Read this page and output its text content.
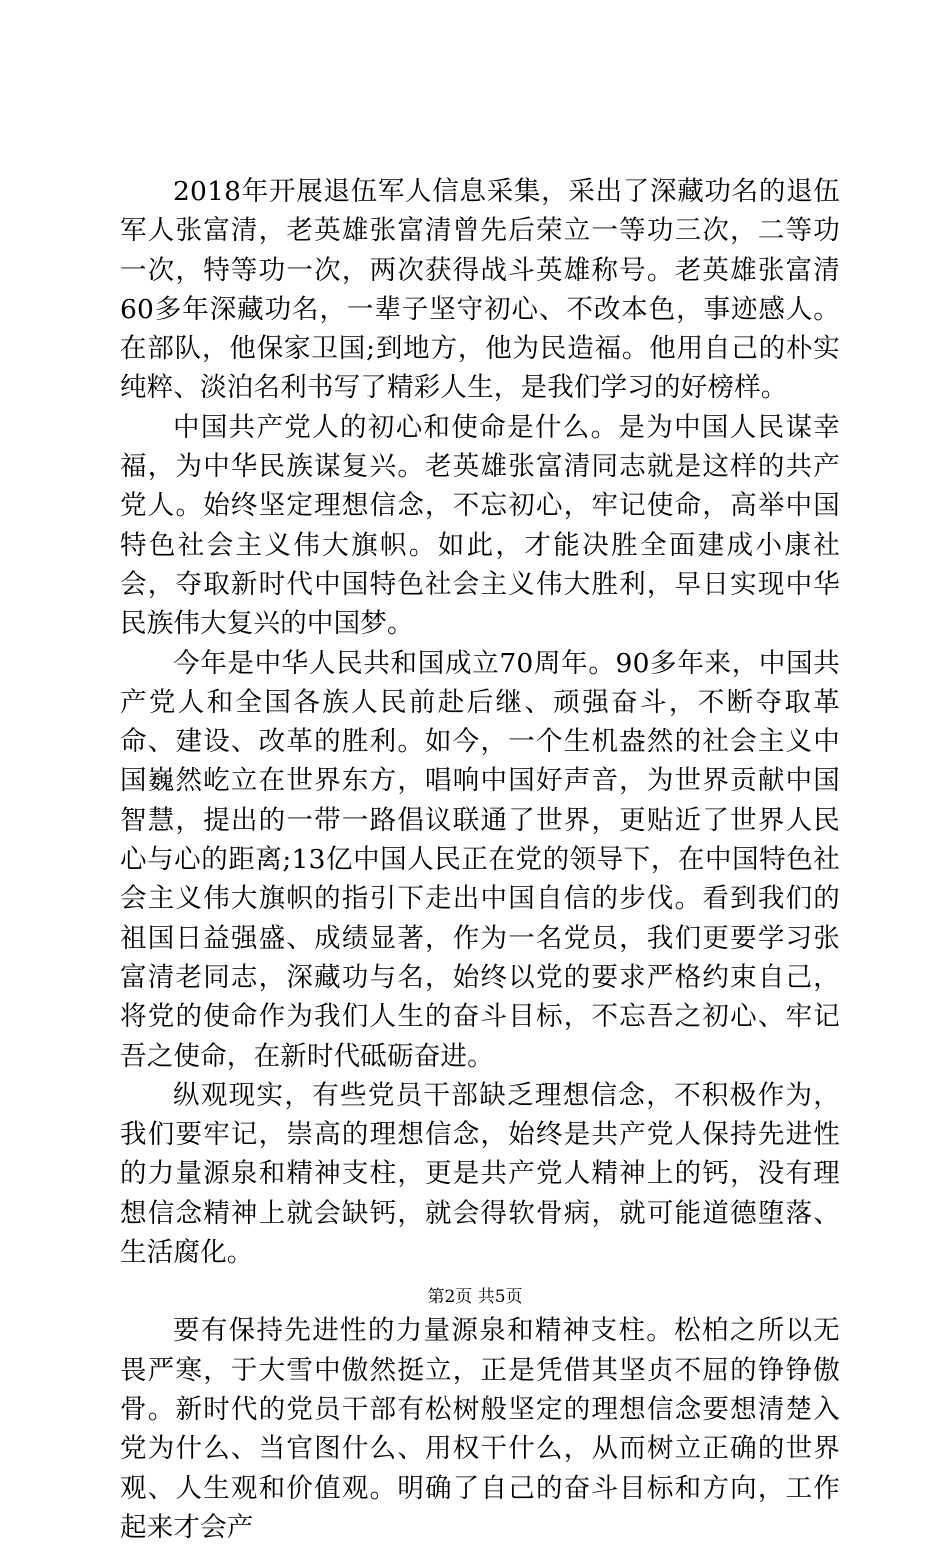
2018年开展退伍军人信息采集，采出了深藏功名的退伍军人张富清，老英雄张富清曾先后荣立一等功三次，二等功一次，特等功一次，两次获得战斗英雄称号。老英雄张富清60多年深藏功名，一辈子坚守初心、不改本色，事迹感人。在部队，他保家卫国;到地方，他为民造福。他用自己的朴实纯粹、淡泊名利书写了精彩人生，是我们学习的好榜样。

中国共产党人的初心和使命是什么。是为中国人民谋幸福，为中华民族谋复兴。老英雄张富清同志就是这样的共产党人。始终坚定理想信念，不忘初心，牢记使命，高举中国特色社会主义伟大旗帜。如此，才能决胜全面建成小康社会，夺取新时代中国特色社会主义伟大胜利，早日实现中华民族伟大复兴的中国梦。

今年是中华人民共和国成立70周年。90多年来，中国共产党人和全国各族人民前赴后继、顽强奋斗，不断夺取革命、建设、改革的胜利。如今，一个生机盎然的社会主义中国巍然屹立在世界东方，唱响中国好声音，为世界贡献中国智慧，提出的一带一路倡议联通了世界，更贴近了世界人民心与心的距离;13亿中国人民正在党的领导下，在中国特色社会主义伟大旗帜的指引下走出中国自信的步伐。看到我们的祖国日益强盛、成绩显著，作为一名党员，我们更要学习张富清老同志，深藏功与名，始终以党的要求严格约束自己，将党的使命作为我们人生的奋斗目标，不忘吾之初心、牢记吾之使命，在新时代砥砺奋进。

纵观现实，有些党员干部缺乏理想信念，不积极作为，我们要牢记，崇高的理想信念，始终是共产党人保持先进性的力量源泉和精神支柱，更是共产党人精神上的钙，没有理想信念精神上就会缺钙，就会得软骨病，就可能道德堕落、生活腐化。

要有保持先进性的力量源泉和精神支柱。松柏之所以无畏严寒，于大雪中傲然挺立，正是凭借其坚贞不屈的铮铮傲骨。新时代的党员干部有松树般坚定的理想信念要想清楚入党为什么、当官图什么、用权干什么，从而树立正确的世界观、人生观和价值观。明确了自己的奋斗目标和方向，工作起来才会产

第2页 共5页
